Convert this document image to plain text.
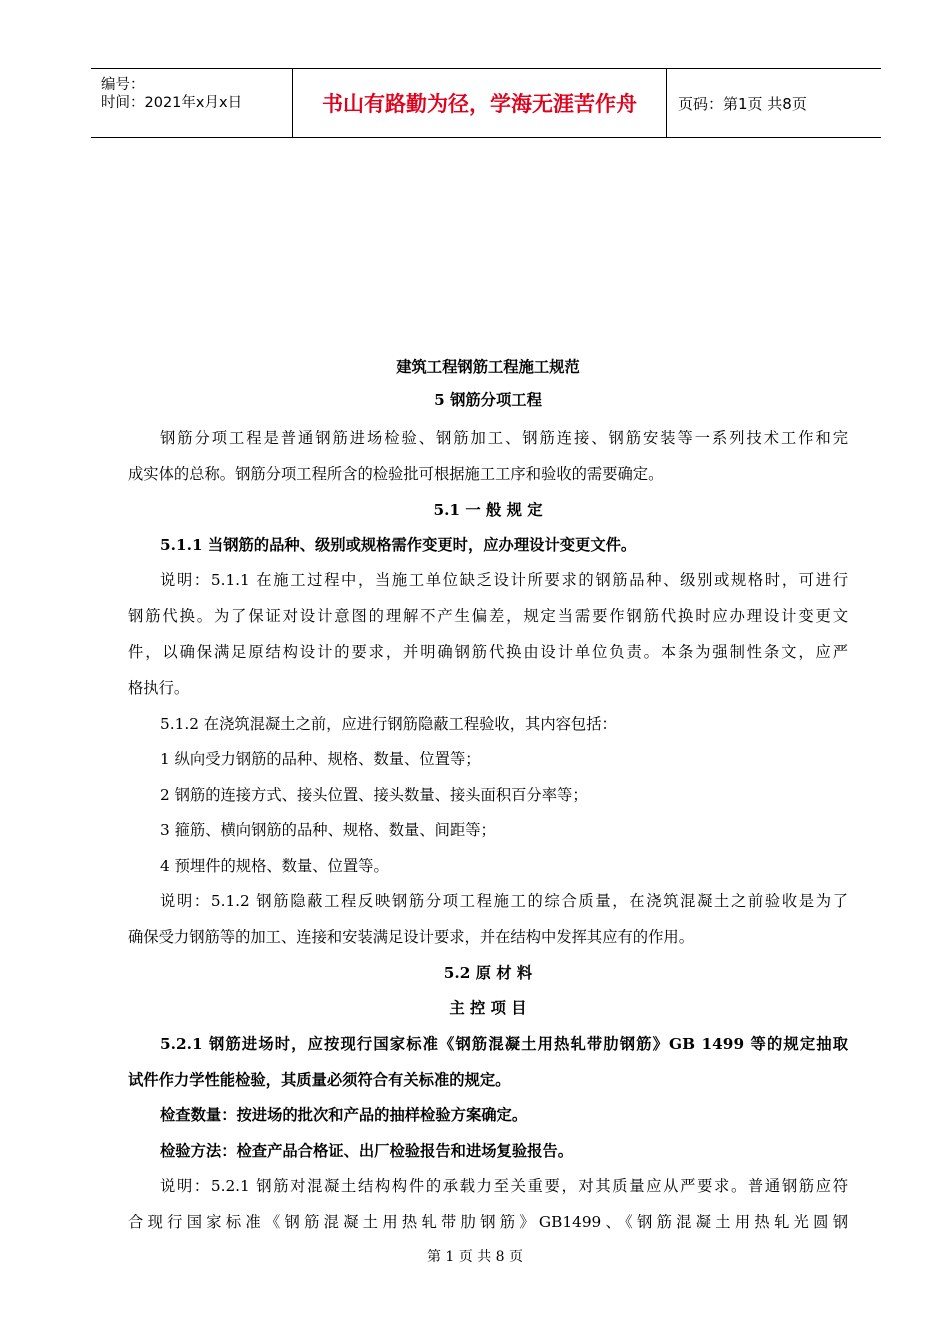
编号：
时间：2021年x月x日	书山有路勤为径，学海无涯苦作舟	页码：第1页 共8页
建筑工程钢筋工程施工规范
5 钢筋分项工程
钢筋分项工程是普通钢筋进场检验、钢筋加工、钢筋连接、钢筋安装等一系列技术工作和完
成实体的总称。钢筋分项工程所含的检验批可根据施工工序和验收的需要确定。
5.1 一 般 规 定
5.1.1 当钢筋的品种、级别或规格需作变更时，应办理设计变更文件。
说明：5.1.1 在施工过程中，当施工单位缺乏设计所要求的钢筋品种、级别或规格时，可进行
钢筋代换。为了保证对设计意图的理解不产生偏差，规定当需要作钢筋代换时应办理设计变更文
件，以确保满足原结构设计的要求，并明确钢筋代换由设计单位负责。本条为强制性条文，应严
格执行。
5.1.2 在浇筑混凝土之前，应进行钢筋隐蔽工程验收，其内容包括：
1 纵向受力钢筋的品种、规格、数量、位置等；
2 钢筋的连接方式、接头位置、接头数量、接头面积百分率等；
3 箍筋、横向钢筋的品种、规格、数量、间距等；
4 预埋件的规格、数量、位置等。
说明：5.1.2 钢筋隐蔽工程反映钢筋分项工程施工的综合质量，在浇筑混凝土之前验收是为了
确保受力钢筋等的加工、连接和安装满足设计要求，并在结构中发挥其应有的作用。
5.2 原 材 料
主 控 项 目
5.2.1 钢筋进场时，应按现行国家标准《钢筋混凝土用热轧带肋钢筋》GB 1499 等的规定抽取
试件作力学性能检验，其质量必须符合有关标准的规定。
检查数量：按进场的批次和产品的抽样检验方案确定。
检验方法：检查产品合格证、出厂检验报告和进场复验报告。
说明：5.2.1 钢筋对混凝土结构构件的承载力至关重要，对其质量应从严要求。普通钢筋应符
合现行国家标准《钢筋混凝土用热轧带肋钢筋》GB1499、《钢筋混凝土用热轧光圆钢
第 1 页 共 8 页
